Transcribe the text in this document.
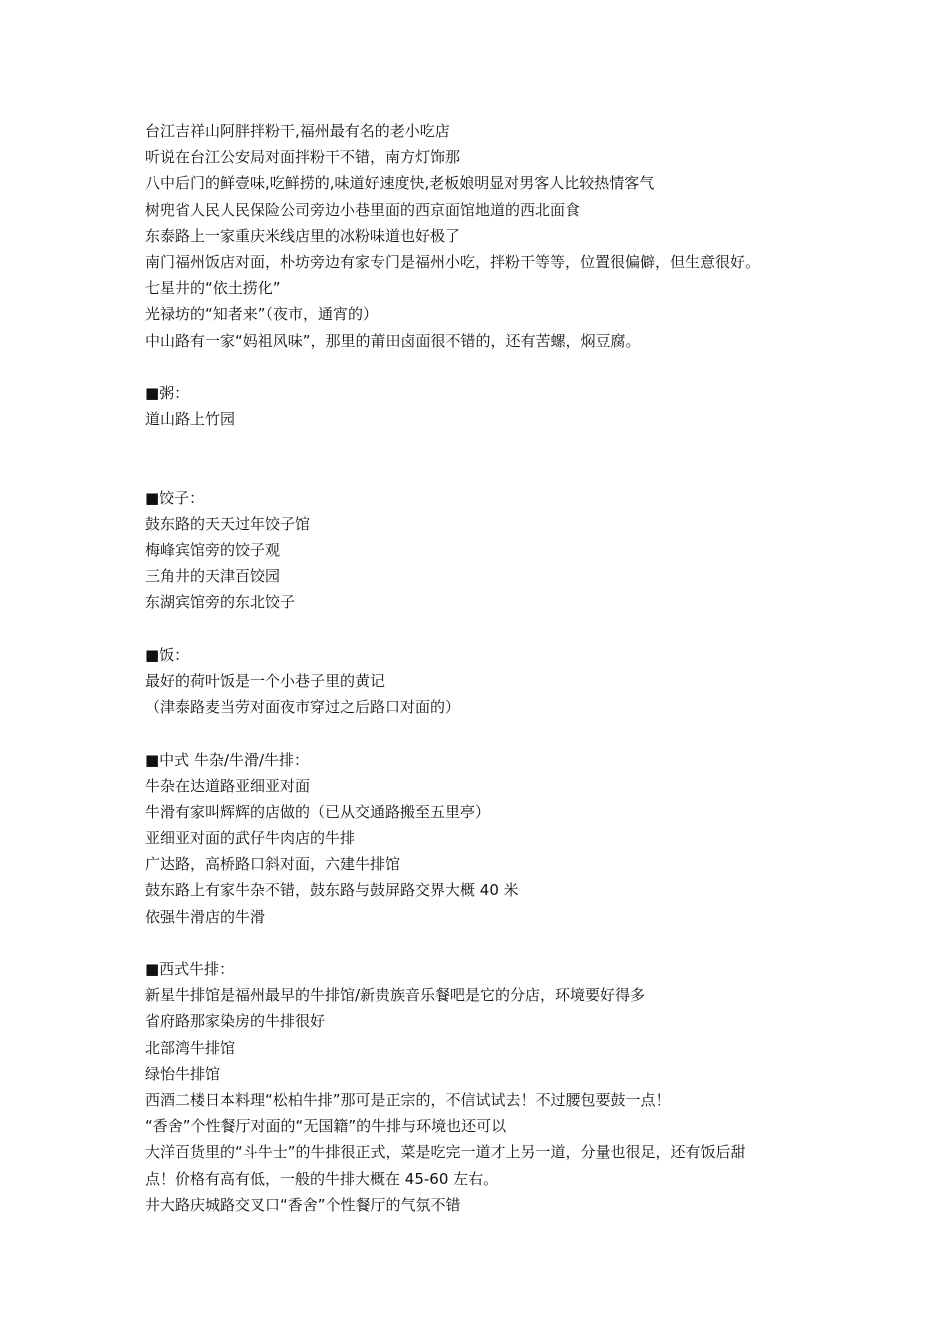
台江吉祥山阿胖拌粉干,福州最有名的老小吃店
听说在台江公安局对面拌粉干不错，南方灯饰那
八中后门的鲜壹味,吃鲜捞的,味道好速度快,老板娘明显对男客人比较热情客气
树兜省人民人民保险公司旁边小巷里面的西京面馆地道的西北面食
东泰路上一家重庆米线店里的冰粉味道也好极了
南门福州饭店对面，朴坊旁边有家专门是福州小吃，拌粉干等等，位置很偏僻，但生意很好。
七星井的“依土捞化”
光禄坊的“知者来”（夜市，通宵的）
中山路有一家“妈祖风味”，那里的莆田卤面很不错的，还有苦螺，焖豆腐。
■粥：
道山路上竹园
■饺子：
鼓东路的天天过年饺子馆
梅峰宾馆旁的饺子观
三角井的天津百饺园
东湖宾馆旁的东北饺子
■饭：
最好的荷叶饭是一个小巷子里的黄记
（津泰路麦当劳对面夜市穿过之后路口对面的）
■中式 牛杂/牛滑/牛排：
牛杂在达道路亚细亚对面
牛滑有家叫辉辉的店做的（已从交通路搬至五里亭）
亚细亚对面的武仔牛肉店的牛排
广达路，高桥路口斜对面，六建牛排馆
鼓东路上有家牛杂不错，鼓东路与鼓屏路交界大概 40 米
依强牛滑店的牛滑
■西式牛排：
新星牛排馆是福州最早的牛排馆/新贵族音乐餐吧是它的分店，环境要好得多
省府路那家染房的牛排很好
北部湾牛排馆
绿怡牛排馆
西酒二楼日本料理“松柏牛排”那可是正宗的，不信试试去！不过腰包要鼓一点！
“香舍”个性餐厅对面的“无国籍”的牛排与环境也还可以
大洋百货里的“斗牛士”的牛排很正式，菜是吃完一道才上另一道，分量也很足，还有饭后甜
点！价格有高有低，一般的牛排大概在 45-60 左右。
井大路庆城路交叉口“香舍”个性餐厅的气氛不错
